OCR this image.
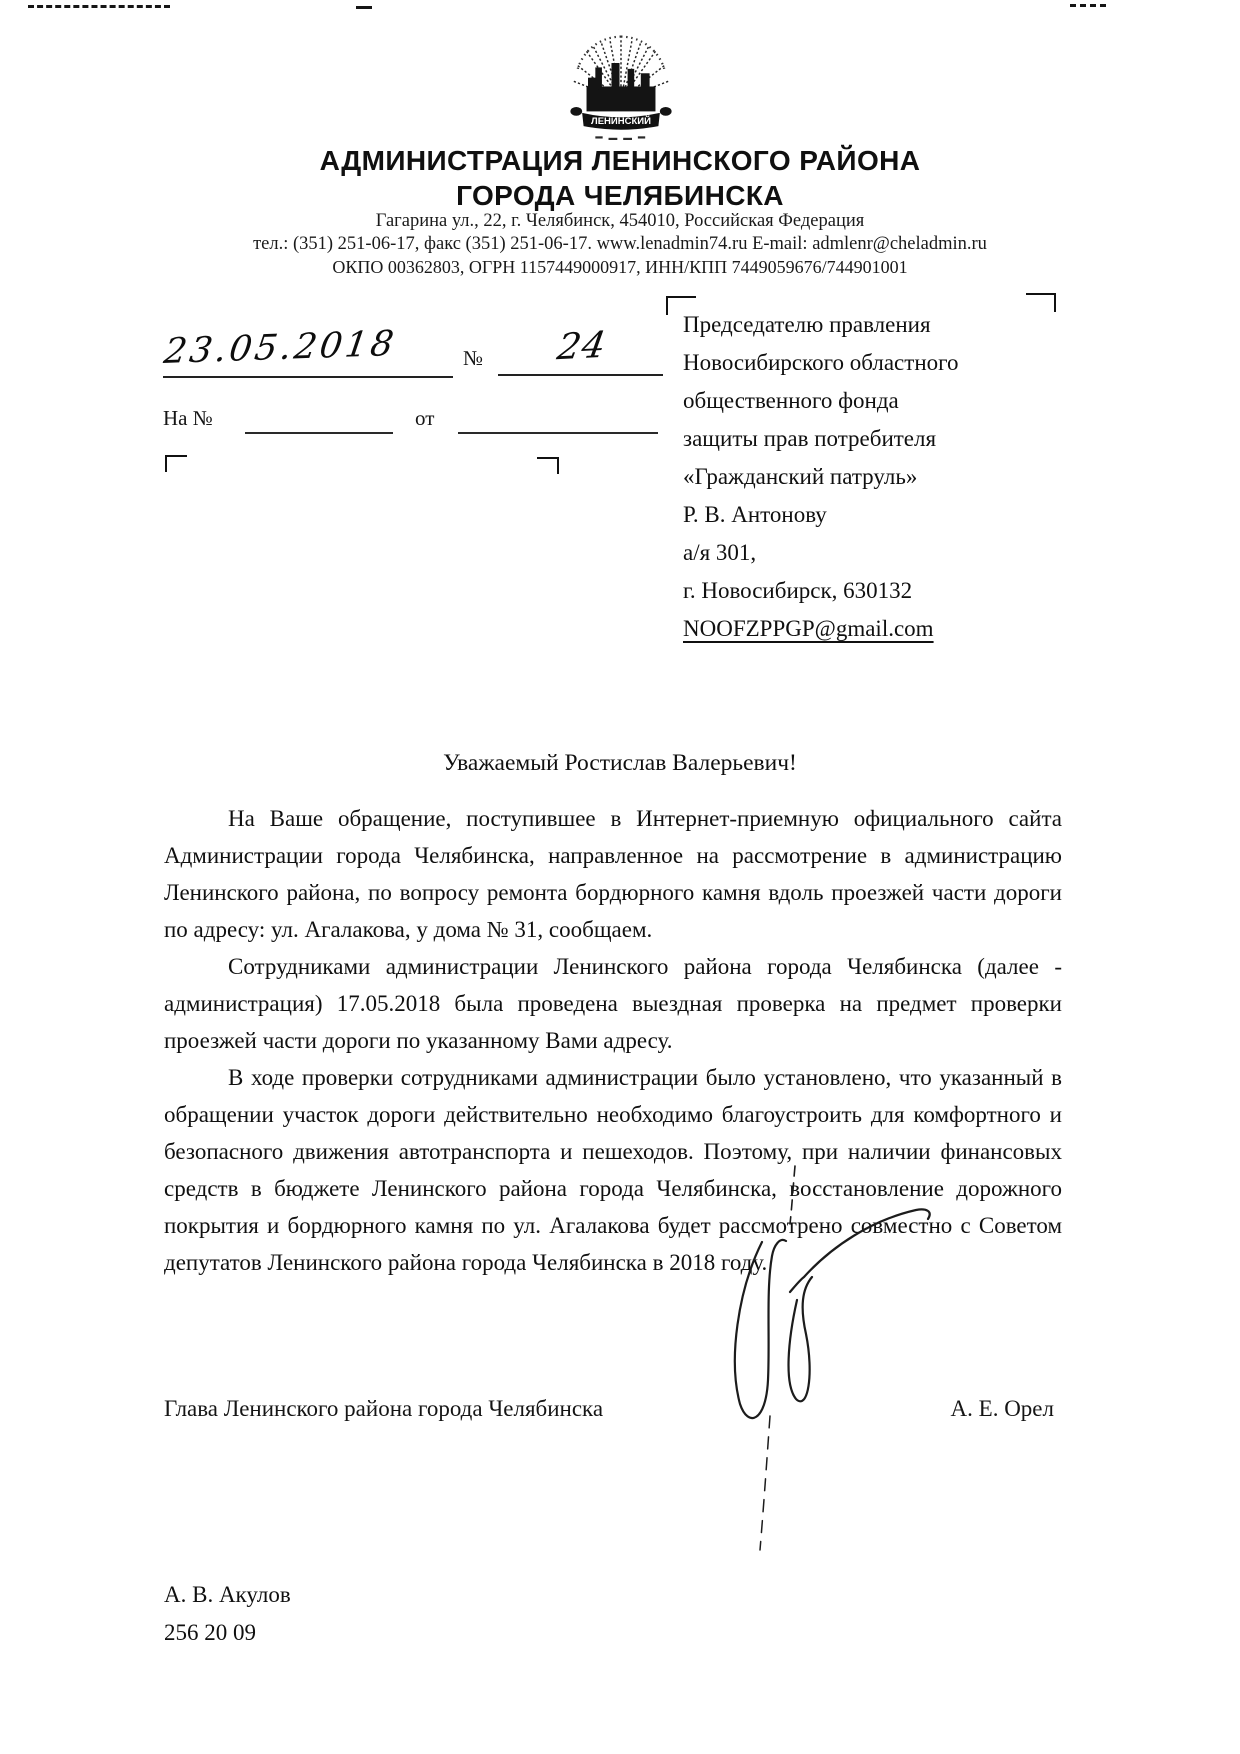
ЛЕНИНСКИЙ
АДМИНИСТРАЦИЯ ЛЕНИНСКОГО РАЙОНА
ГОРОДА ЧЕЛЯБИНСКА
Гагарина ул., 22, г. Челябинск, 454010, Российская Федерация
тел.: (351) 251-06-17, факс (351) 251-06-17. www.lenadmin74.ru E-mail: admlenr@cheladmin.ru
ОКПО 00362803, ОГРН 1157449000917, ИНН/КПП 7449059676/744901001
23.05.2018	№ 24
На №	от
Председателю правления
Новосибирского областного
общественного фонда
защиты прав потребителя
«Гражданский патруль»
Р. В. Антонову
а/я 301,
г. Новосибирск, 630132
NOOFZPPGP@gmail.com
Уважаемый Ростислав Валерьевич!

На Ваше обращение, поступившее в Интернет-приемную официального сайта Администрации города Челябинска, направленное на рассмотрение в администрацию Ленинского района, по вопросу ремонта бордюрного камня вдоль проезжей части дороги по адресу: ул. Агалакова, у дома № 31, сообщаем.

Сотрудниками администрации Ленинского района города Челябинска (далее - администрация) 17.05.2018 была проведена выездная проверка на предмет проверки проезжей части дороги по указанному Вами адресу.

В ходе проверки сотрудниками администрации было установлено, что указанный в обращении участок дороги действительно необходимо благоустроить для комфортного и безопасного движения автотранспорта и пешеходов. Поэтому, при наличии финансовых средств в бюджете Ленинского района города Челябинска, восстановление дорожного покрытия и бордюрного камня по ул. Агалакова будет рассмотрено совместно с Советом депутатов Ленинского района города Челябинска в 2018 году.

Глава Ленинского района города Челябинска	А. Е. Орел
А. В. Акулов
256 20 09
